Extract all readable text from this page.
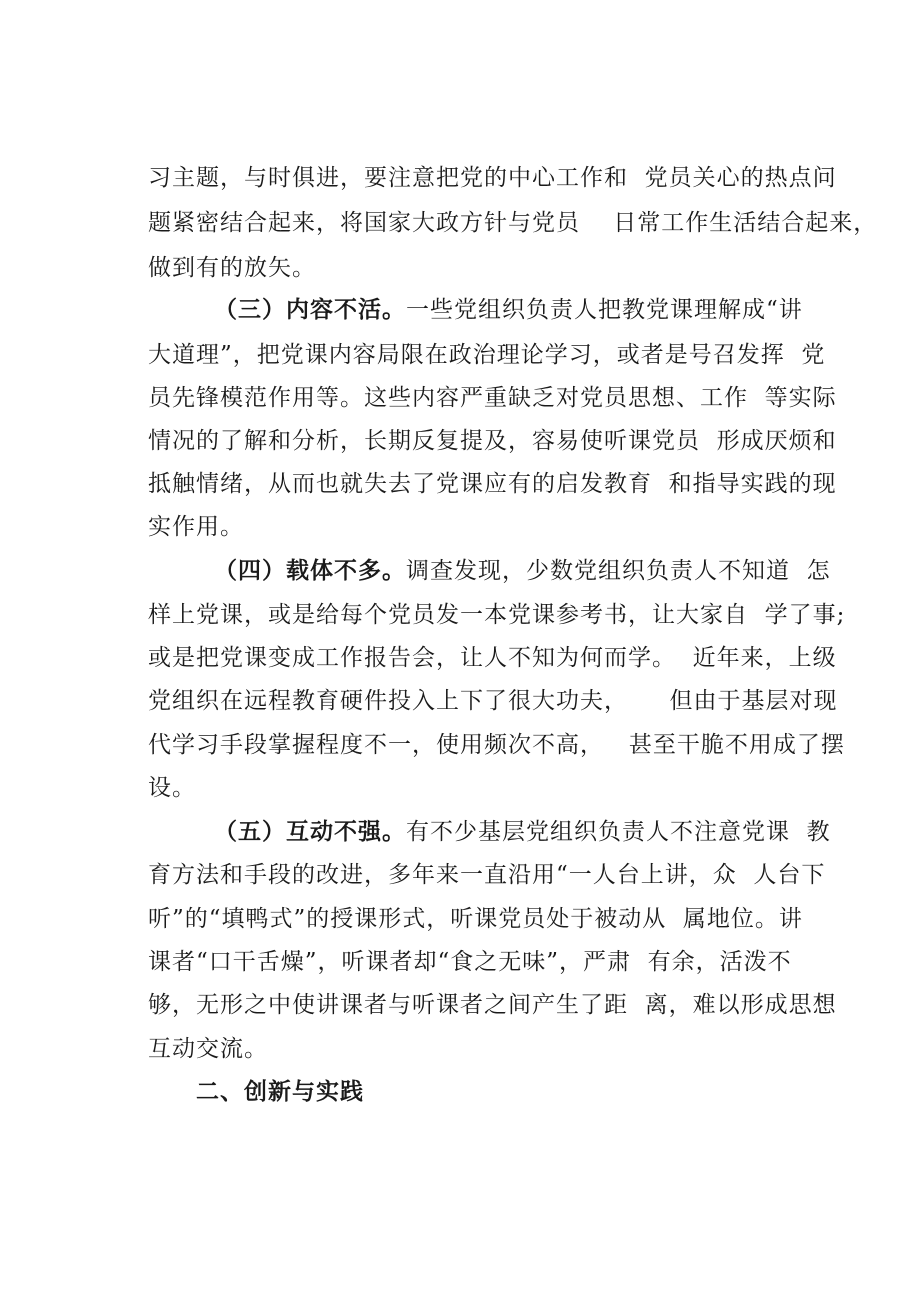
习主题，与时俱进，要注意把党的中心工作和  党员关心的热点问
题紧密结合起来，将国家大政方针与党员    日常工作生活结合起来，
做到有的放矢。
（三）内容不活。一些党组织负责人把教党课理解成“讲
大道理”，把党课内容局限在政治理论学习，或者是号召发挥  党
员先锋模范作用等。这些内容严重缺乏对党员思想、工作  等实际
情况的了解和分析，长期反复提及，容易使听课党员  形成厌烦和
抵触情绪，从而也就失去了党课应有的启发教育  和指导实践的现
实作用。
（四）载体不多。调查发现，少数党组织负责人不知道  怎
样上党课，或是给每个党员发一本党课参考书，让大家自  学了事;
或是把党课变成工作报告会，让人不知为何而学。  近年来，上级
党组织在远程教育硬件投入上下了很大功夫，     但由于基层对现
代学习手段掌握程度不一，使用频次不高，   甚至干脆不用成了摆
设。
（五）互动不强。有不少基层党组织负责人不注意党课  教
育方法和手段的改进，多年来一直沿用“一人台上讲，众  人台下
听”的“填鸭式”的授课形式，听课党员处于被动从  属地位。讲
课者“口干舌燥”，听课者却“食之无味”，严肃  有余，活泼不
够，无形之中使讲课者与听课者之间产生了距  离，难以形成思想
互动交流。
二、创新与实践
